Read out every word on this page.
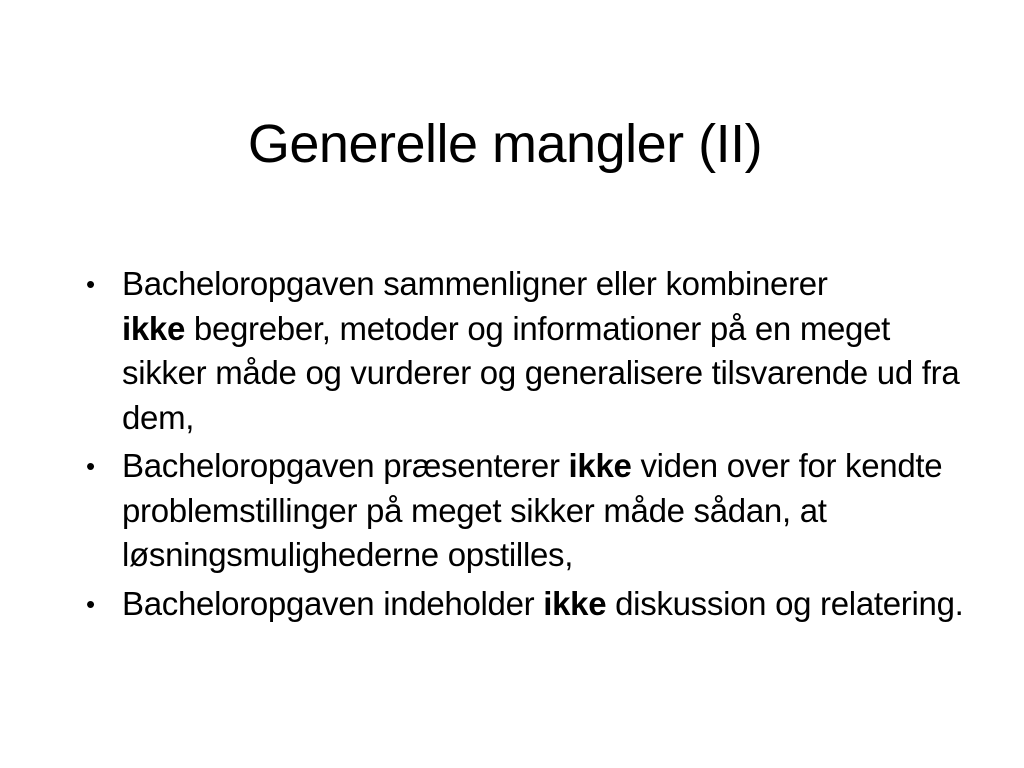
Generelle mangler (II)
• Bacheloropgaven sammenligner eller kombinerer
ikke begreber, metoder og informationer på en meget sikker måde og vurderer og generalisere tilsvarende ud fra dem,
• Bacheloropgaven præsenterer ikke viden over for kendte problemstillinger på meget sikker måde sådan, at løsningsmulighederne opstilles,
• Bacheloropgaven indeholder ikke diskussion og relatering.
